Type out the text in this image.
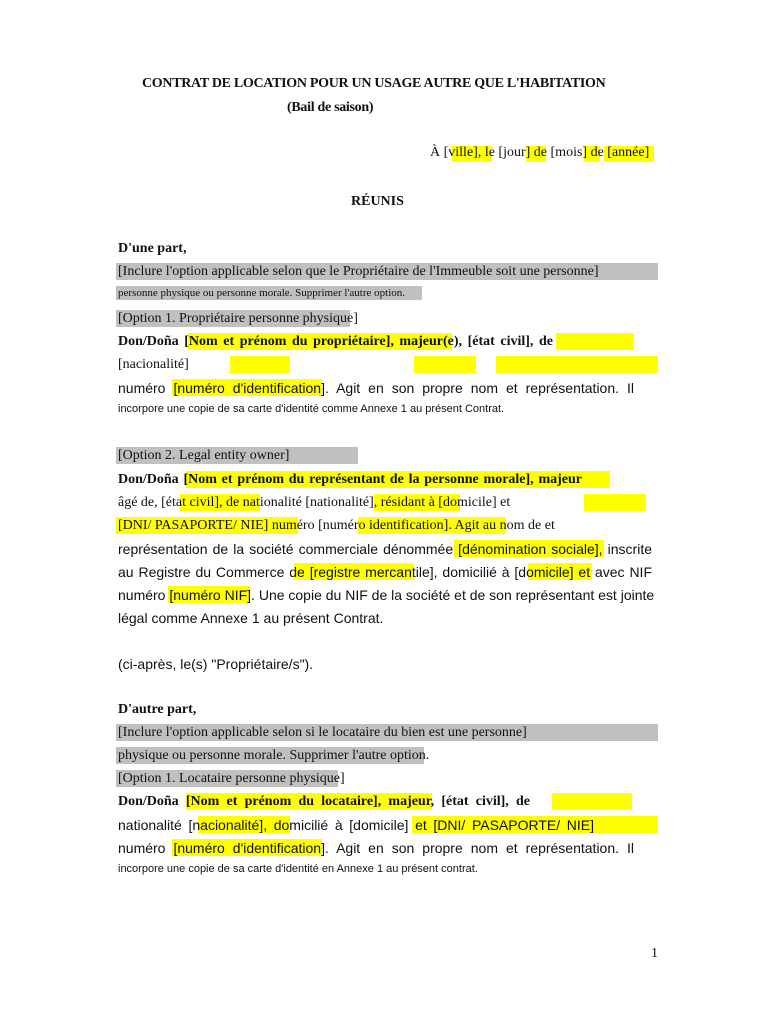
CONTRAT DE LOCATION POUR UN USAGE AUTRE QUE L'HABITATION
(Bail de saison)
À [ville], le [jour] de [mois] de [année]
RÉUNIS
D'une part,
[Inclure l'option applicable selon que le Propriétaire de l'Immeuble soit une personne]
personne physique ou personne morale. Supprimer l'autre option.
[Option 1. Propriétaire personne physique]
Don/Doña [Nom et prénom du propriétaire], majeur(e), [état civil], de
[nacionalité]
numéro [numéro d'identification]. Agit en son propre nom et représentation. Il
incorpore une copie de sa carte d'identité comme Annexe 1 au présent Contrat.
[Option 2. Legal entity owner]
Don/Doña [Nom et prénom du représentant de la personne morale], majeur
âgé de, [état civil], de nationalité [nationalité], résidant à [domicile] et
[DNI/ PASAPORTE/ NIE] numéro [numéro identification]. Agit au nom de et
représentation de la société commerciale dénommée [dénomination sociale], inscrite
au Registre du Commerce de [registre mercantile], domicilié à [domicile] et avec NIF
numéro [numéro NIF]. Une copie du NIF de la société et de son représentant est jointe
légal comme Annexe 1 au présent Contrat.
(ci-après, le(s) "Propriétaire/s").
D'autre part,
[Inclure l'option applicable selon si le locataire du bien est une personne]
physique ou personne morale. Supprimer l'autre option.
[Option 1. Locataire personne physique]
Don/Doña [Nom et prénom du locataire], majeur, [état civil], de
nationalité [nacionalité], domicilié à [domicile] et [DNI/ PASAPORTE/ NIE]
numéro [numéro d'identification]. Agit en son propre nom et représentation. Il
incorpore une copie de sa carte d'identité en Annexe 1 au présent contrat.
1
